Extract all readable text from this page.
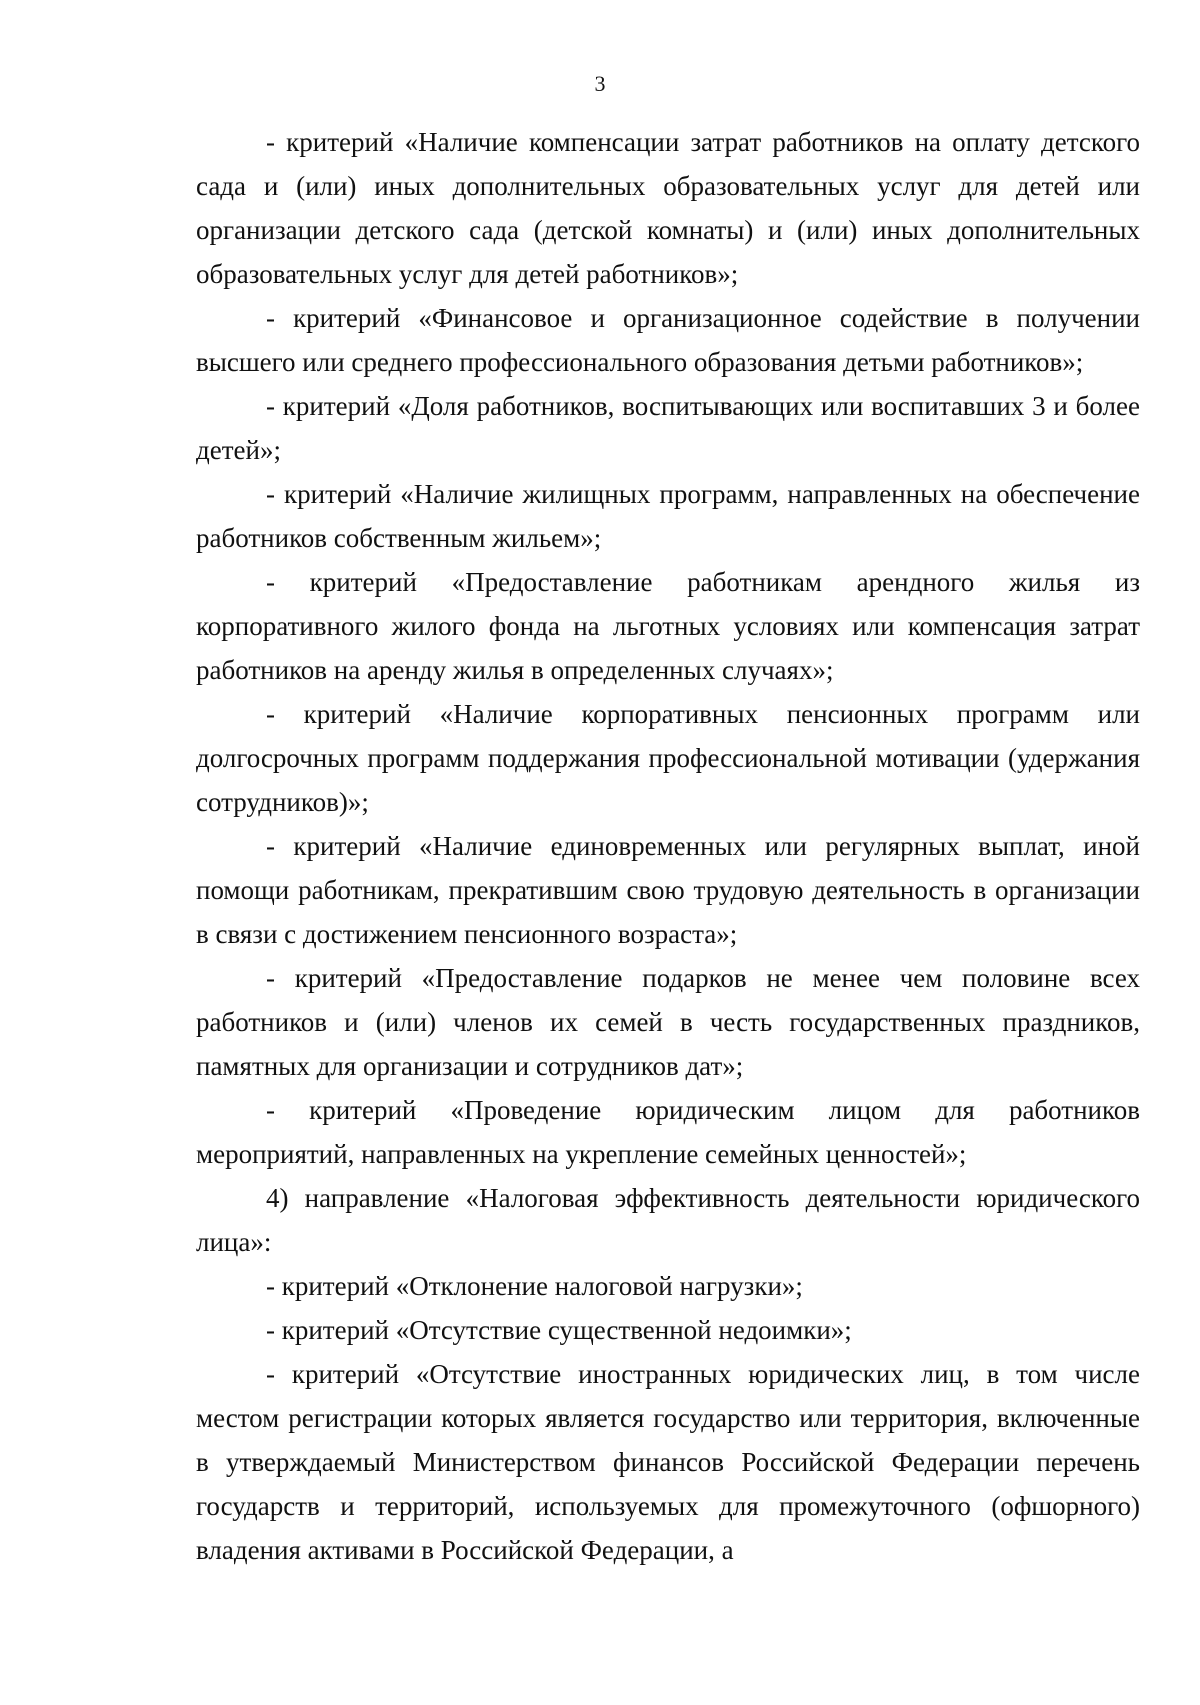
3

- критерий «Наличие компенсации затрат работников на оплату детского сада и (или) иных дополнительных образовательных услуг для детей или организации детского сада (детской комнаты) и (или) иных дополнительных образовательных услуг для детей работников»;

- критерий «Финансовое и организационное содействие в получении высшего или среднего профессионального образования детьми работников»;

- критерий «Доля работников, воспитывающих или воспитавших 3 и более детей»;

- критерий «Наличие жилищных программ, направленных на обеспечение работников собственным жильем»;

- критерий «Предоставление работникам арендного жилья из корпоративного жилого фонда на льготных условиях или компенсация затрат работников на аренду жилья в определенных случаях»;

- критерий «Наличие корпоративных пенсионных программ или долгосрочных программ поддержания профессиональной мотивации (удержания сотрудников)»;

- критерий «Наличие единовременных или регулярных выплат, иной помощи работникам, прекратившим свою трудовую деятельность в организации в связи с достижением пенсионного возраста»;

- критерий «Предоставление подарков не менее чем половине всех работников и (или) членов их семей в честь государственных праздников, памятных для организации и сотрудников дат»;

- критерий «Проведение юридическим лицом для работников мероприятий, направленных на укрепление семейных ценностей»;

4) направление «Налоговая эффективность деятельности юридического лица»:

- критерий «Отклонение налоговой нагрузки»;

- критерий «Отсутствие существенной недоимки»;

- критерий «Отсутствие иностранных юридических лиц, в том числе местом регистрации которых является государство или территория, включенные в утверждаемый Министерством финансов Российской Федерации перечень государств и территорий, используемых для промежуточного (офшорного) владения активами в Российской Федерации, а
